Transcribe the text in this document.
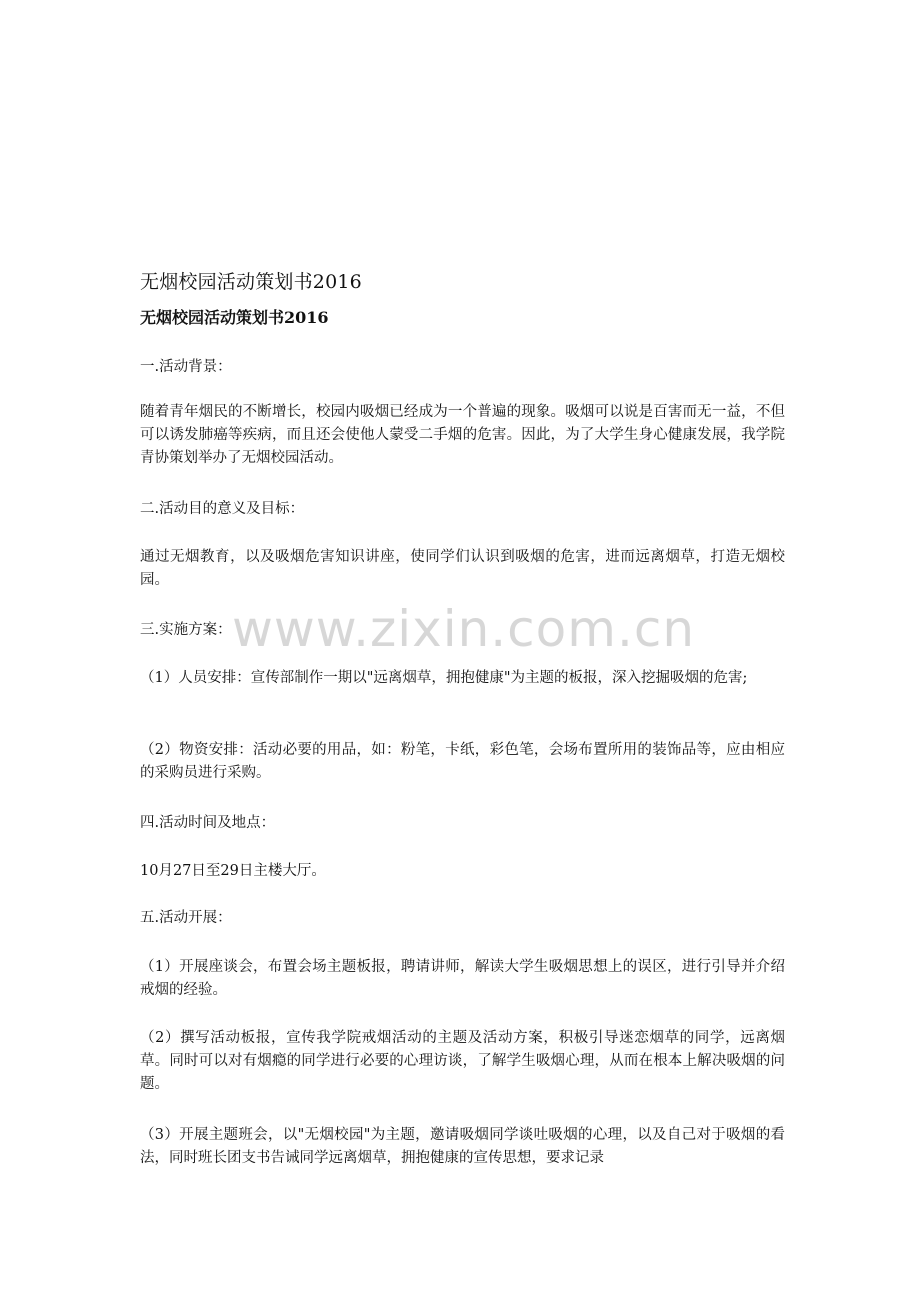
无烟校园活动策划书2016
无烟校园活动策划书2016

一.活动背景：

随着青年烟民的不断增长，校园内吸烟已经成为一个普遍的现象。吸烟可以说是百害而无一益，不但可以诱发肺癌等疾病，而且还会使他人蒙受二手烟的危害。因此，为了大学生身心健康发展，我学院青协策划举办了无烟校园活动。

二.活动目的意义及目标：

通过无烟教育，以及吸烟危害知识讲座，使同学们认识到吸烟的危害，进而远离烟草，打造无烟校园。

三.实施方案：

（1）人员安排：宣传部制作一期以"远离烟草，拥抱健康"为主题的板报，深入挖掘吸烟的危害;

（2）物资安排：活动必要的用品，如：粉笔，卡纸，彩色笔，会场布置所用的装饰品等，应由相应的采购员进行采购。

四.活动时间及地点：

10月27日至29日主楼大厅。

五.活动开展：

（1）开展座谈会，布置会场主题板报，聘请讲师，解读大学生吸烟思想上的误区，进行引导并介绍戒烟的经验。

（2）撰写活动板报，宣传我学院戒烟活动的主题及活动方案，积极引导迷恋烟草的同学，远离烟草。同时可以对有烟瘾的同学进行必要的心理访谈，了解学生吸烟心理，从而在根本上解决吸烟的问题。

（3）开展主题班会，以"无烟校园"为主题，邀请吸烟同学谈吐吸烟的心理，以及自己对于吸烟的看法，同时班长团支书告诫同学远离烟草，拥抱健康的宣传思想，要求记录

www.zixin.com.cn
